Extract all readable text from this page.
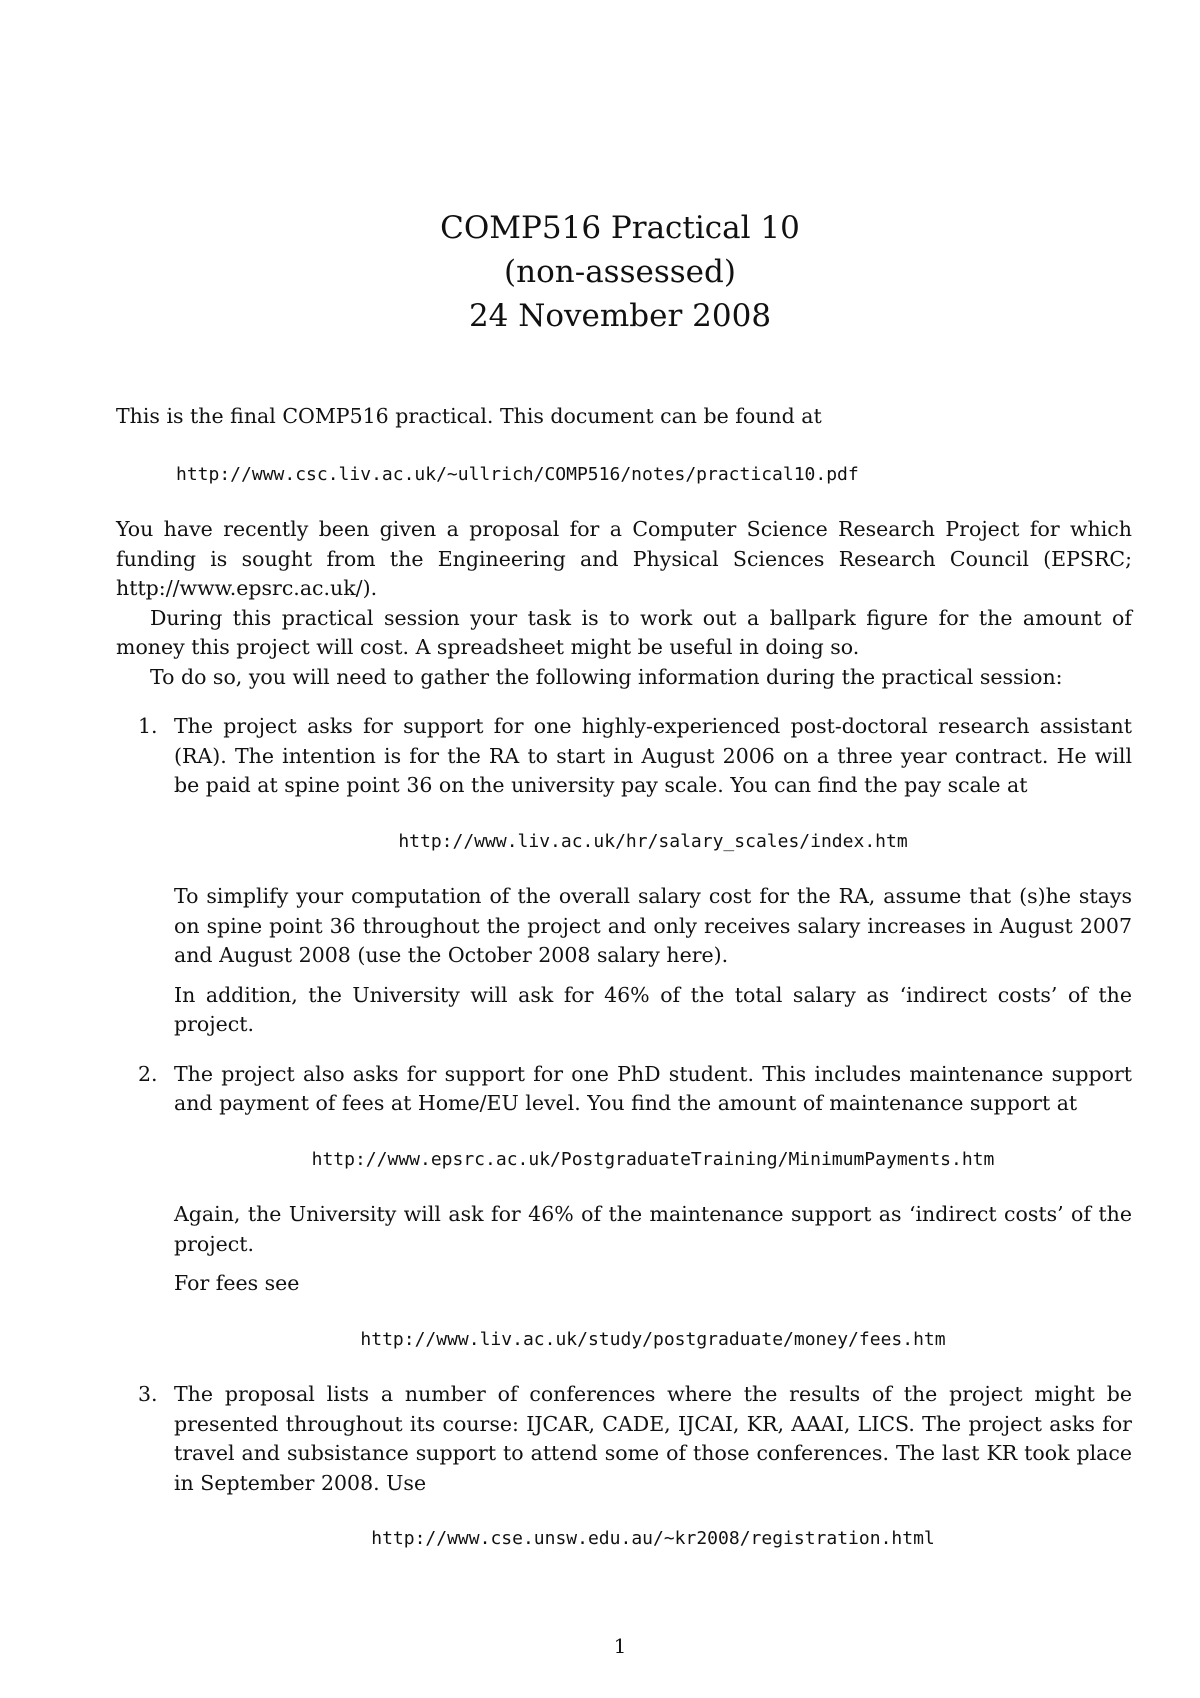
COMP516 Practical 10
(non-assessed)
24 November 2008

This is the final COMP516 practical. This document can be found at

http://www.csc.liv.ac.uk/~ullrich/COMP516/notes/practical10.pdf

You have recently been given a proposal for a Computer Science Research Project for which funding is sought from the Engineering and Physical Sciences Research Council (EPSRC; http://www.epsrc.ac.uk/).

During this practical session your task is to work out a ballpark figure for the amount of money this project will cost. A spreadsheet might be useful in doing so.

To do so, you will need to gather the following information during the practical session:

1. The project asks for support for one highly-experienced post-doctoral research assistant (RA). The intention is for the RA to start in August 2006 on a three year contract. He will be paid at spine point 36 on the university pay scale. You can find the pay scale at

http://www.liv.ac.uk/hr/salary_scales/index.htm

To simplify your computation of the overall salary cost for the RA, assume that (s)he stays on spine point 36 throughout the project and only receives salary increases in August 2007 and August 2008 (use the October 2008 salary here).

In addition, the University will ask for 46% of the total salary as ‘indirect costs’ of the project.

2. The project also asks for support for one PhD student. This includes maintenance support and payment of fees at Home/EU level. You find the amount of maintenance support at

http://www.epsrc.ac.uk/PostgraduateTraining/MinimumPayments.htm

Again, the University will ask for 46% of the maintenance support as ‘indirect costs’ of the project.

For fees see

http://www.liv.ac.uk/study/postgraduate/money/fees.htm
3. The proposal lists a number of conferences where the results of the project might be presented throughout its course: IJCAR, CADE, IJCAI, KR, AAAI, LICS. The project asks for travel and subsistance support to attend some of those conferences. The last KR took place in September 2008. Use

http://www.cse.unsw.edu.au/~kr2008/registration.html
1
